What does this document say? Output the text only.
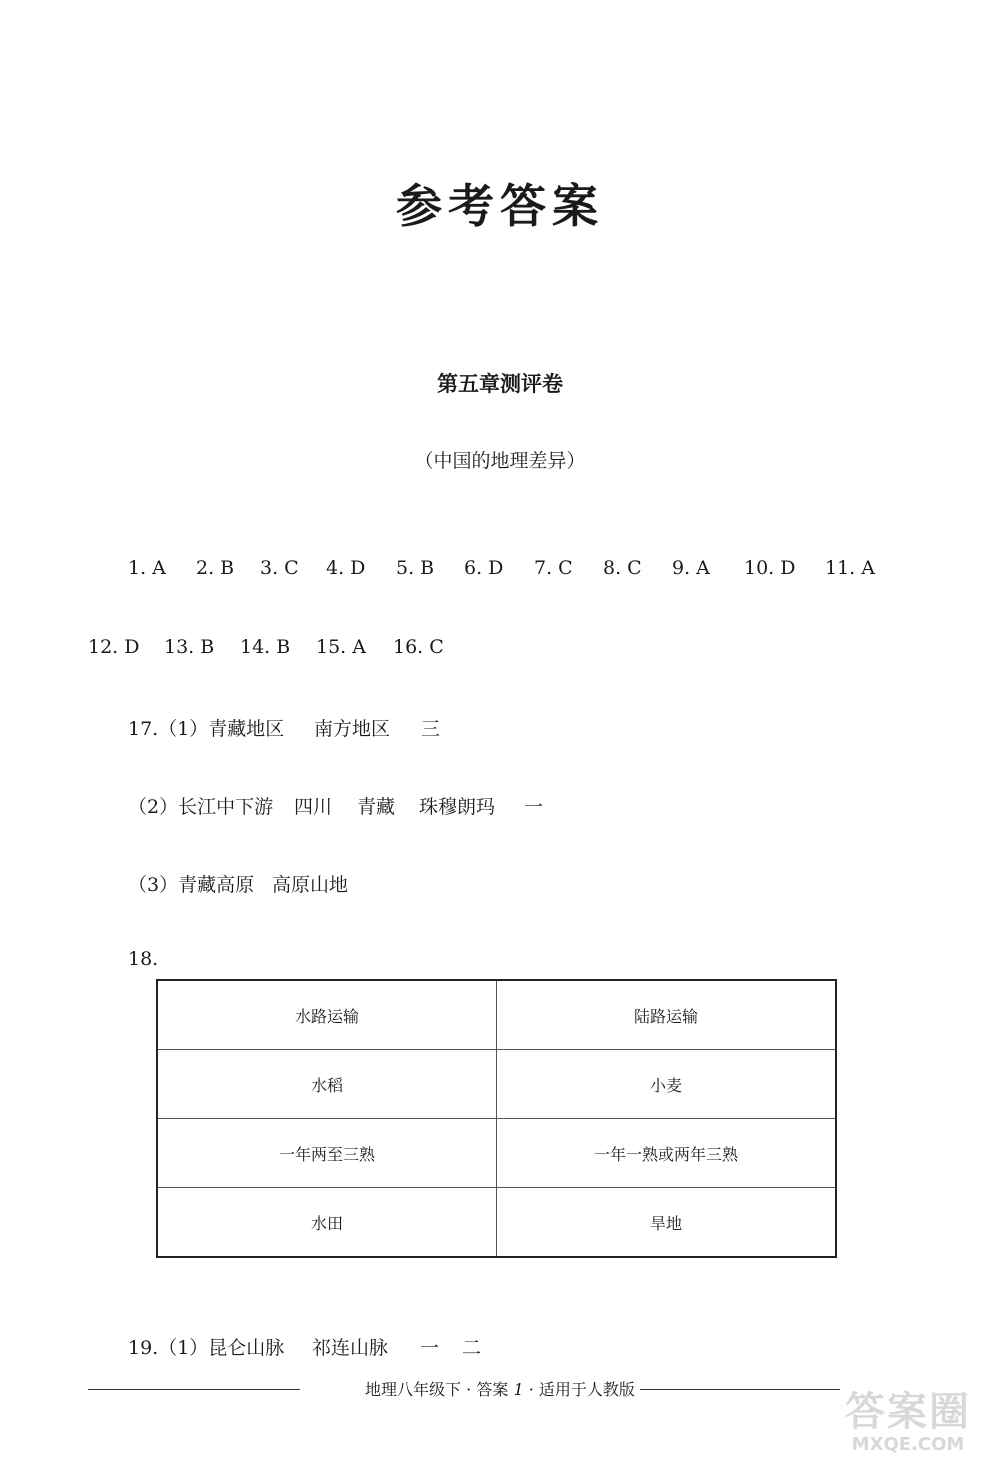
参考答案
第五章测评卷
（中国的地理差异）
1. A 2. B 3. C 4. D 5. B 6. D 7. C 8. C 9. A 10. D 11. A
12. D 13. B 14. B 15. A 16. C
17.（1）青藏地区 南方地区 三
（2）长江中下游 四川 青藏 珠穆朗玛 一
（3）青藏高原 高原山地
18.
水路运输	陆路运输
水稻	小麦
一年两至三熟	一年一熟或两年三熟
水田	旱地
19.（1）昆仑山脉 祁连山脉 一 二
地理八年级下 · 答案 1 · 适用于人教版	答案圈
MXQE.COM
